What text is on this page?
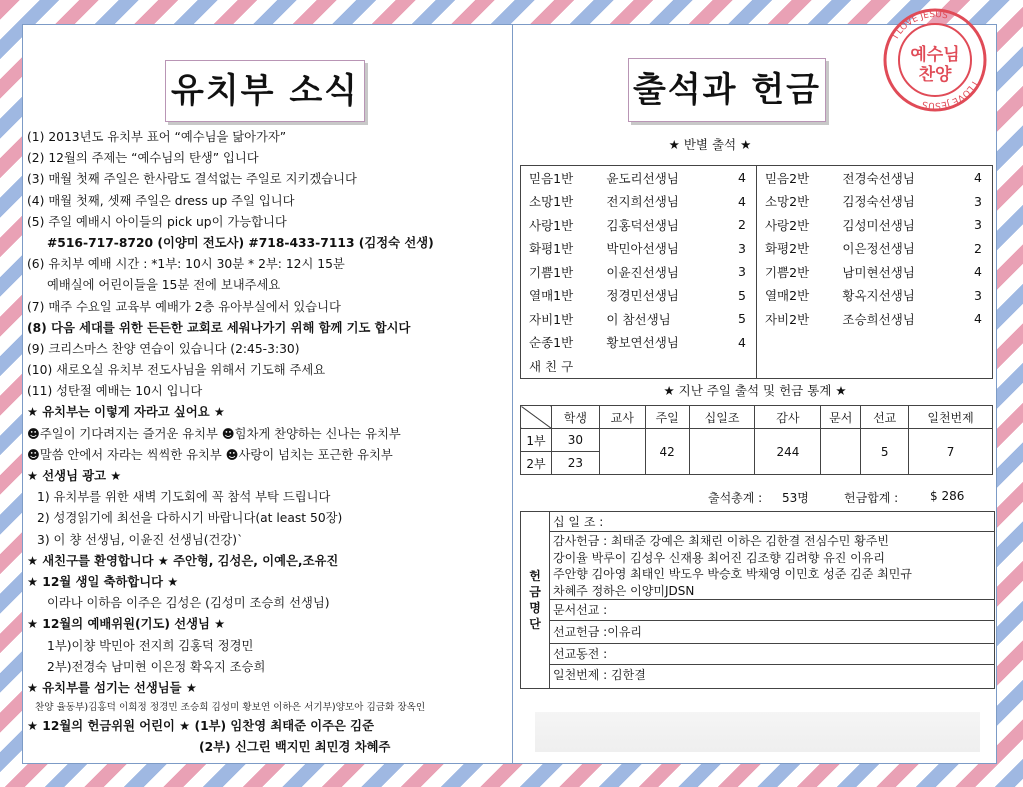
I LOVE JESUS
I LOVE JESUS
예수님
찬양
유치부 소식
(1) 2013년도 유치부 표어 “예수님을 닮아가자”
(2) 12월의 주제는 “예수님의 탄생” 입니다
(3) 매월 첫째 주일은 한사람도 결석없는 주일로 지키겠습니다
(4) 매월 첫째, 셋째 주일은 dress up 주일 입니다
(5) 주일 예배시 아이들의 pick up이 가능합니다
#516-717-8720 (이양미 전도사) #718-433-7113 (김정숙 선생)
(6) 유치부 예배 시간 : *1부: 10시 30분 * 2부: 12시 15분
예배실에 어린이들을 15분 전에 보내주세요
(7) 매주 수요일 교육부 예배가 2층 유아부실에서 있습니다
(8) 다음 세대를 위한 든든한 교회로 세워나가기 위해 함께 기도 합시다
(9) 크리스마스 찬양 연습이 있습니다 (2:45-3:30)
(10) 새로오실 유치부 전도사님을 위해서 기도해 주세요
(11) 성탄절 예배는 10시 입니다
★ 유치부는 이렇게 자라고 싶어요 ★
☻주일이 기다려지는 즐거운 유치부 ☻힘차게 찬양하는 신나는 유치부
☻말씀 안에서 자라는 씩씩한 유치부 ☻사랑이 넘치는 포근한 유치부
★ 선생님 광고 ★
1) 유치부를 위한 새벽 기도회에 꼭 참석 부탁 드립니다
2) 성경읽기에 최선을 다하시기 바랍니다(at least 50장)
3) 이 챵 선생님, 이윤진 선생님(건강)`
★ 새친구를 환영합니다 ★ 주안형, 김성은, 이예은,조유진
★ 12월 생일 축하합니다 ★
이라나 이하음 이주은 김성은 (김성미 조승희 선생님)
★ 12월의 예배위원(기도) 선생님 ★
1부)이챵 박민아 전지희 김홍덕 정경민
2부)전경숙 남미현 이은정 확옥지 조승희
★ 유치부를 섬기는 선생님들 ★
찬양 율동부)김홍덕 이희정 정경민 조승희 김성미 황보연 이하은 서기부)양모아 김금화 장옥인
★ 12월의 헌금위원 어린이 ★ (1부) 임찬영 최태준 이주은 김준
(2부) 신그린 백지민 최민경 차혜주
출석과 헌금
★ 반별 출석 ★
믿음1반	윤도리선생님	4	믿음2반	전경숙선생님	4
소망1반	전지희선생님	4	소망2반	김정숙선생님	3
사랑1반	김홍덕선생님	2	사랑2반	김성미선생님	3
화평1반	박민아선생님	3	화평2반	이은정선생님	2
기쁨1반	이윤진선생님	3	기쁨2반	남미현선생님	4
열매1반	정경민선생님	5	열매2반	황옥지선생님	3
자비1반	이 참선생님	5	자비2반	조승희선생님	4
순종1반	황보연선생님	4			
새 친 구					
★ 지난 주일 출석 및 헌금 통계 ★
	학생	교사	주일	십일조	감사	문서	선교	일천번제
1부	30		42		244		5	7
2부	23							
출석총계 : 53명	헌금합계 :	$ 286
헌금명단
십 일 조 :
감사헌금 : 최태준 강예은 최채린 이하은 김한결 전심수민 황주빈
강이율 박루이 김성우 신재용 최어진 김조향 김려향 유진 이유리
주안향 김아영 최태인 박도우 박승호 박채영 이민호 성준 김준 최민규
차혜주 정하은 이양미JDSN
문서선교 :
선교헌금 :이유리
선교동전 :
일천번제 : 김한결
